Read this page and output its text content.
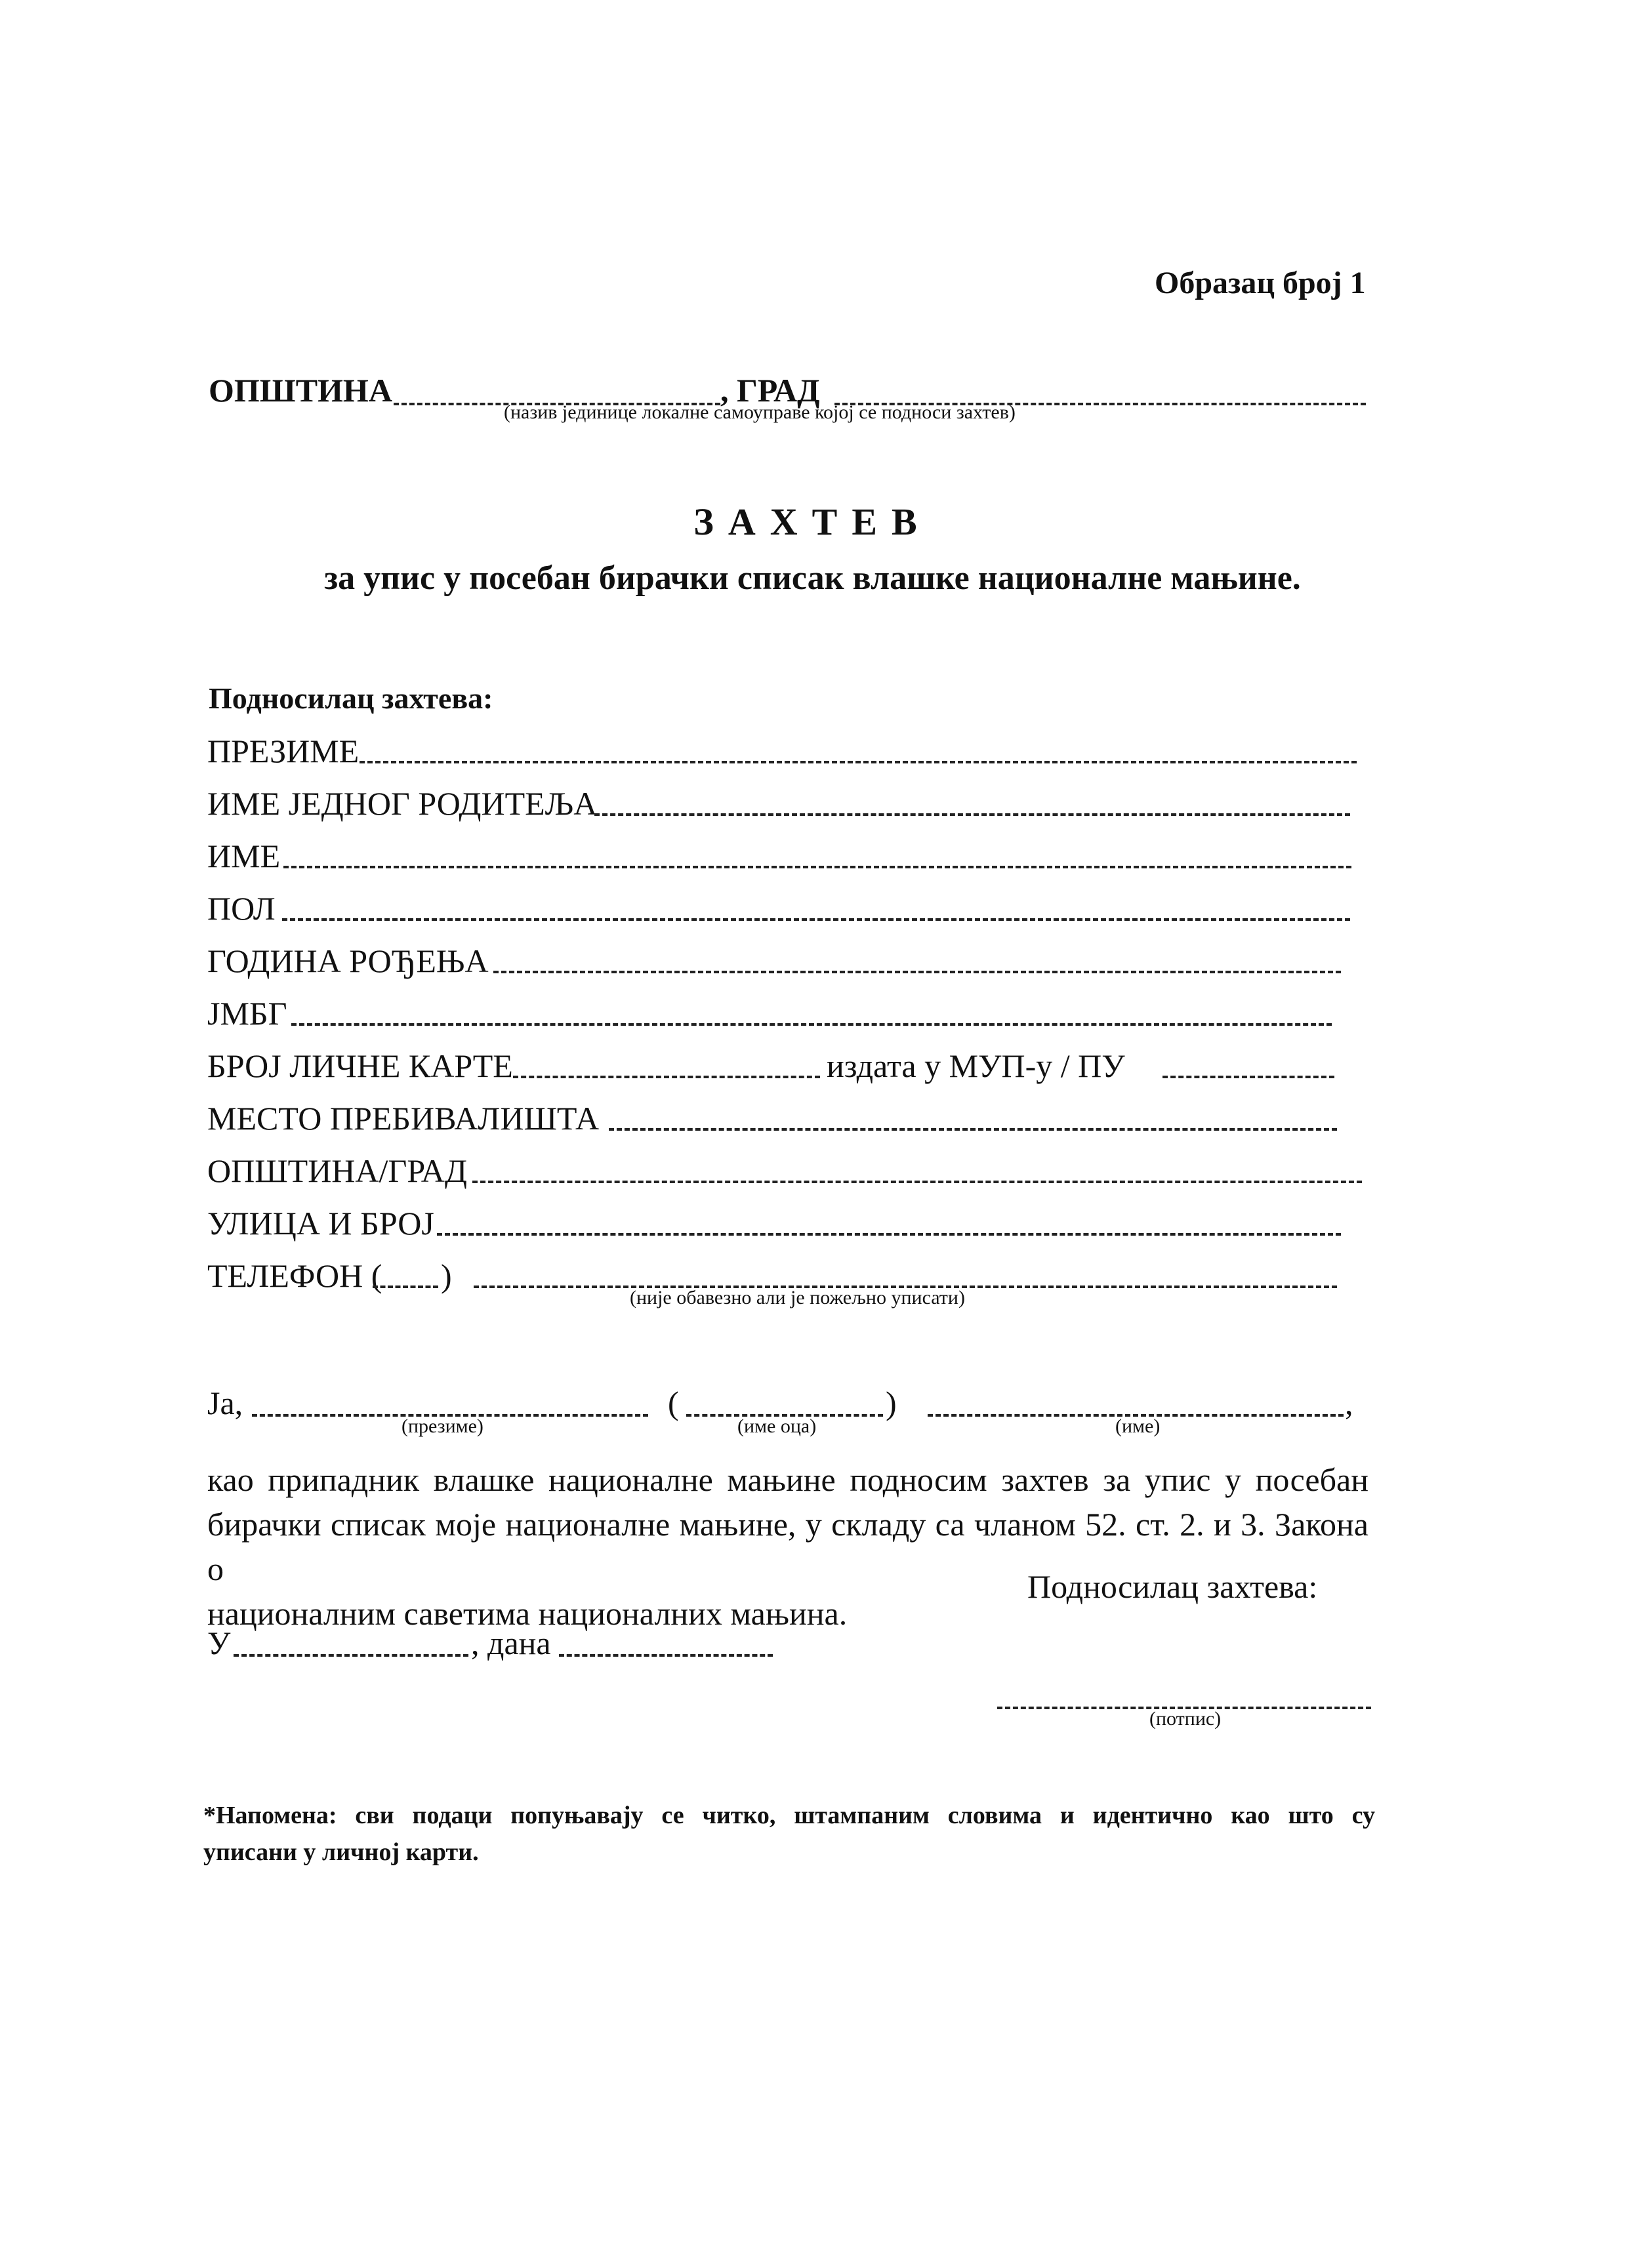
Образац број 1
ОПШТИНА	, ГРАД
(назив јединице локалне самоуправе којој се подноси захтев)
ЗАХТЕВ
за упис у посебан бирачки списак влашке националне мањине.
Подносилац захтева:
ПРЕЗИМЕ
ИМЕ ЈЕДНОГ РОДИТЕЉА
ИМЕ
ПОЛ
ГОДИНА РОЂЕЊА
ЈМБГ
БРОЈ ЛИЧНЕ КАРТЕ	издата у МУП-у / ПУ
МЕСТО ПРЕБИВАЛИШТА
ОПШТИНА/ГРАД
УЛИЦА И БРОЈ
ТЕЛЕФОН ( )
(није обавезно али је пожељно уписати)
Ја,
(презиме)
(	)
(име оца)
,
(име)
као припадник влашке националне мањине подносим захтев за упис у посебан
бирачки списак моје националне мањине, у складу са чланом 52. ст. 2. и 3. Закона о
националним саветима националних мањина.
Подносилац захтева:
У	, дана
(потпис)
*Напомена: сви подаци попуњавају се читко, штампаним словима и идентично као што су
уписани у личној карти.
